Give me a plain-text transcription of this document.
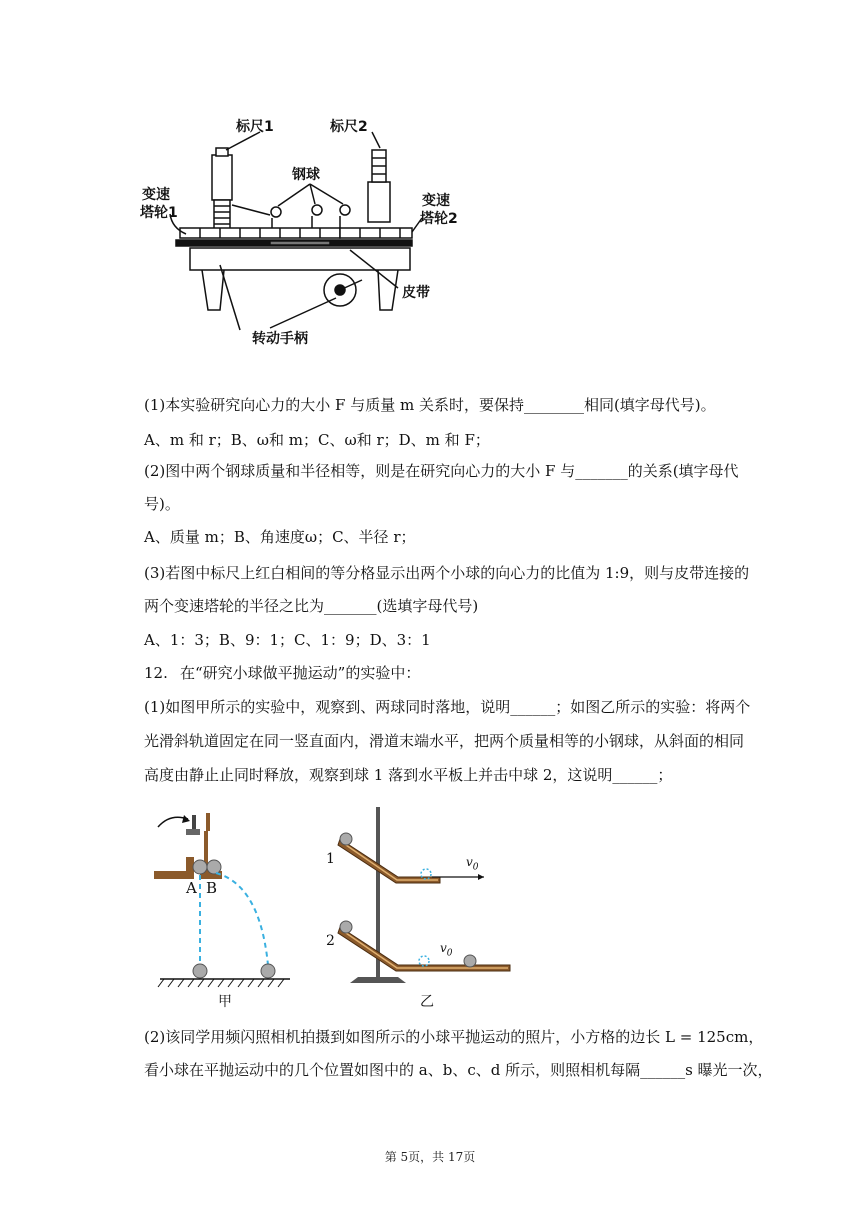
标尺1	标尺2
钢球
变速
塔轮1
变速
塔轮2
皮带
转动手柄
(1)本实验研究向心力的大小 F 与质量 m 关系时，要保持________相同(填字母代号)。
A、m 和 r；B、ω和 m；C、ω和 r；D、m 和 F；
(2)图中两个钢球质量和半径相等，则是在研究向心力的大小 F 与_______的关系(填字母代
号)。
A、质量 m；B、角速度ω；C、半径 r；
(3)若图中标尺上红白相间的等分格显示出两个小球的向心力的比值为 1:9，则与皮带连接的
两个变速塔轮的半径之比为_______(选填字母代号)
A、1：3；B、9：1；C、1：9；D、3：1
12. 在“研究小球做平抛运动”的实验中：
(1)如图甲所示的实验中，观察到、两球同时落地，说明______；如图乙所示的实验：将两个
光滑斜轨道固定在同一竖直面内，滑道末端水平，把两个质量相等的小钢球，从斜面的相同
高度由静止止同时释放，观察到球 1 落到水平板上并击中球 2，这说明______；
A B
甲	乙
1
2
$v_0$
$v_0$
(2)该同学用频闪照相机拍摄到如图所示的小球平抛运动的照片，小方格的边长 L = 125cm，
看小球在平抛运动中的几个位置如图中的 a、b、c、d 所示，则照相机每隔______s 曝光一次，
第 5页，共 17页
